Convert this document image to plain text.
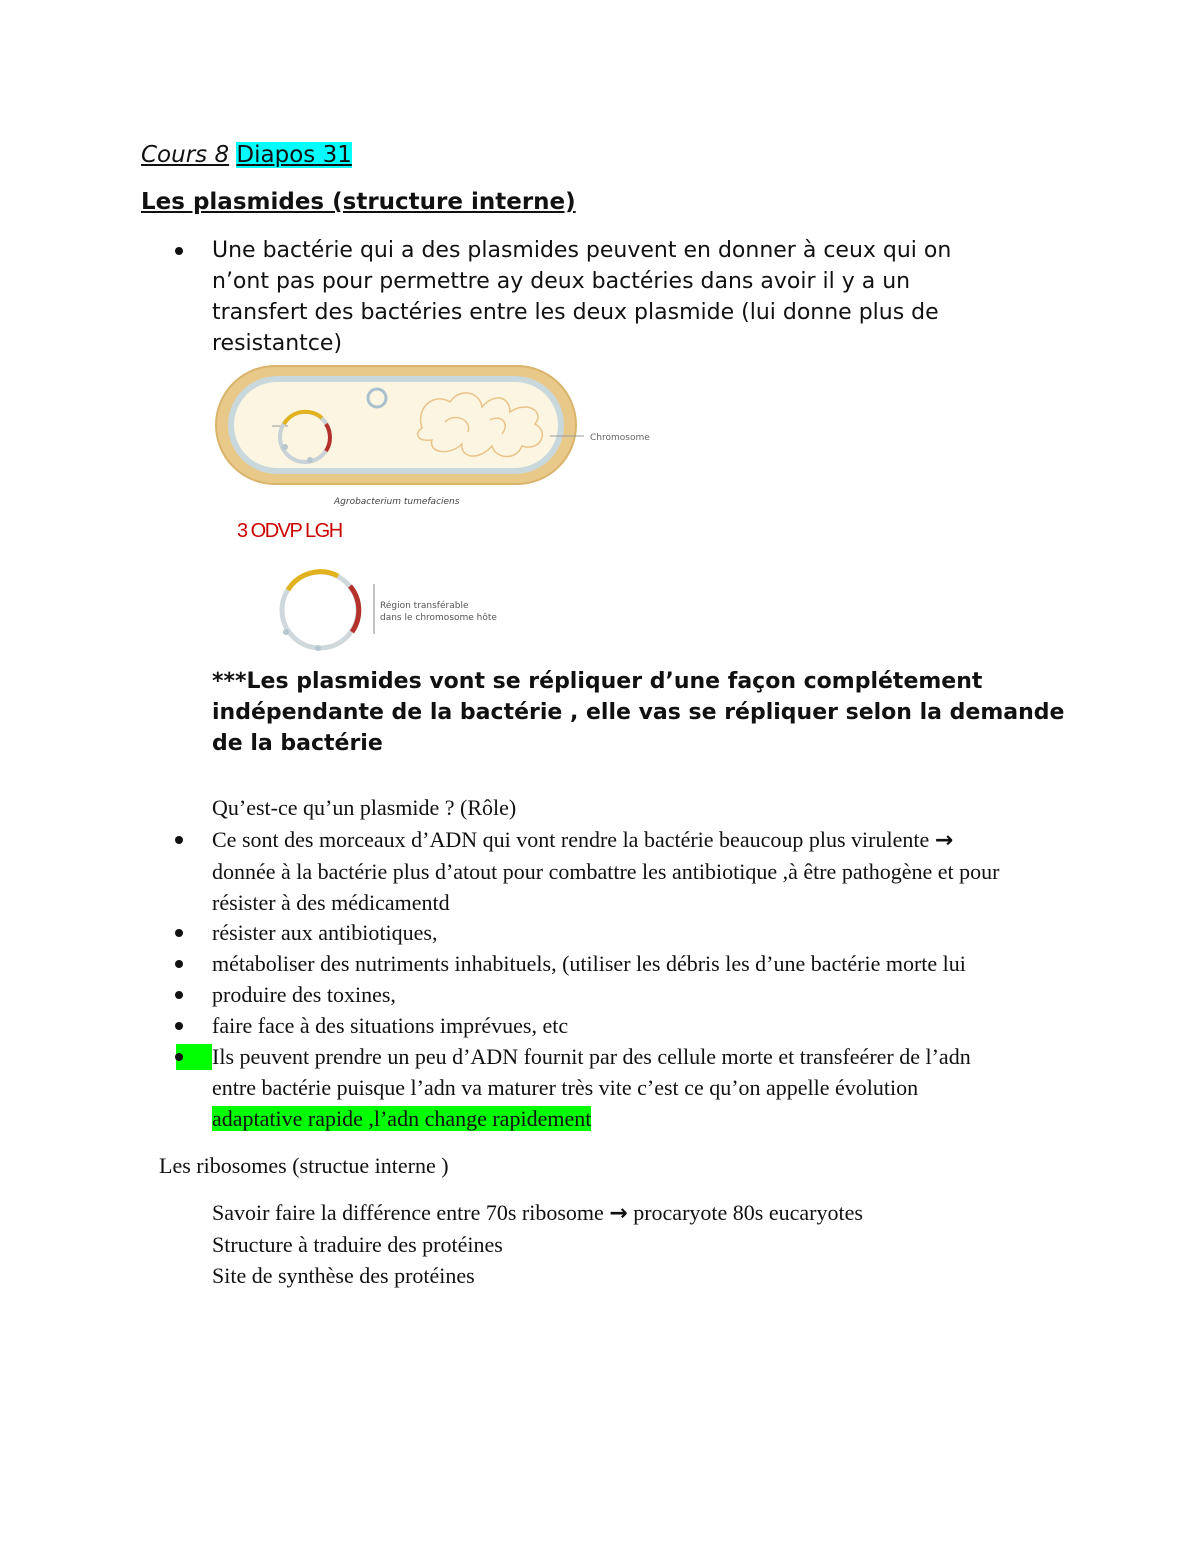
Cours 8 Diapos 31
Les plasmides (structure interne)
Une bactérie qui a des plasmides peuvent en donner à ceux qui on
n’ont pas pour permettre ay deux bactéries dans avoir il y a un
transfert des bactéries entre les deux plasmide (lui donne plus de
resistantce)
Chromosome
Agrobacterium tumefaciens
3 ODVP LGH
Région transférable
dans le chromosome hôte
***Les plasmides vont se répliquer d’une façon complétement
indépendante de la bactérie , elle vas se répliquer selon la demande
de la bactérie
Qu’est-ce qu’un plasmide ? (Rôle)
Ce sont des morceaux d’ADN qui vont rendre la bactérie beaucoup plus virulente →
donnée à la bactérie plus d’atout pour combattre les antibiotique ,à être pathogène et pour
résister à des médicamentd
résister aux antibiotiques,
métaboliser des nutriments inhabituels, (utiliser les débris les d’une bactérie morte lui
produire des toxines,
faire face à des situations imprévues, etc
Ils peuvent prendre un peu d’ADN fournit par des cellule morte et transfeérer de l’adn
entre bactérie puisque l’adn va maturer très vite c’est ce qu’on appelle évolution
adaptative rapide ,l’adn change rapidement
Les ribosomes (structue interne )
Savoir faire la différence entre 70s ribosome → procaryote 80s eucaryotes
Structure à traduire des protéines
Site de synthèse des protéines
